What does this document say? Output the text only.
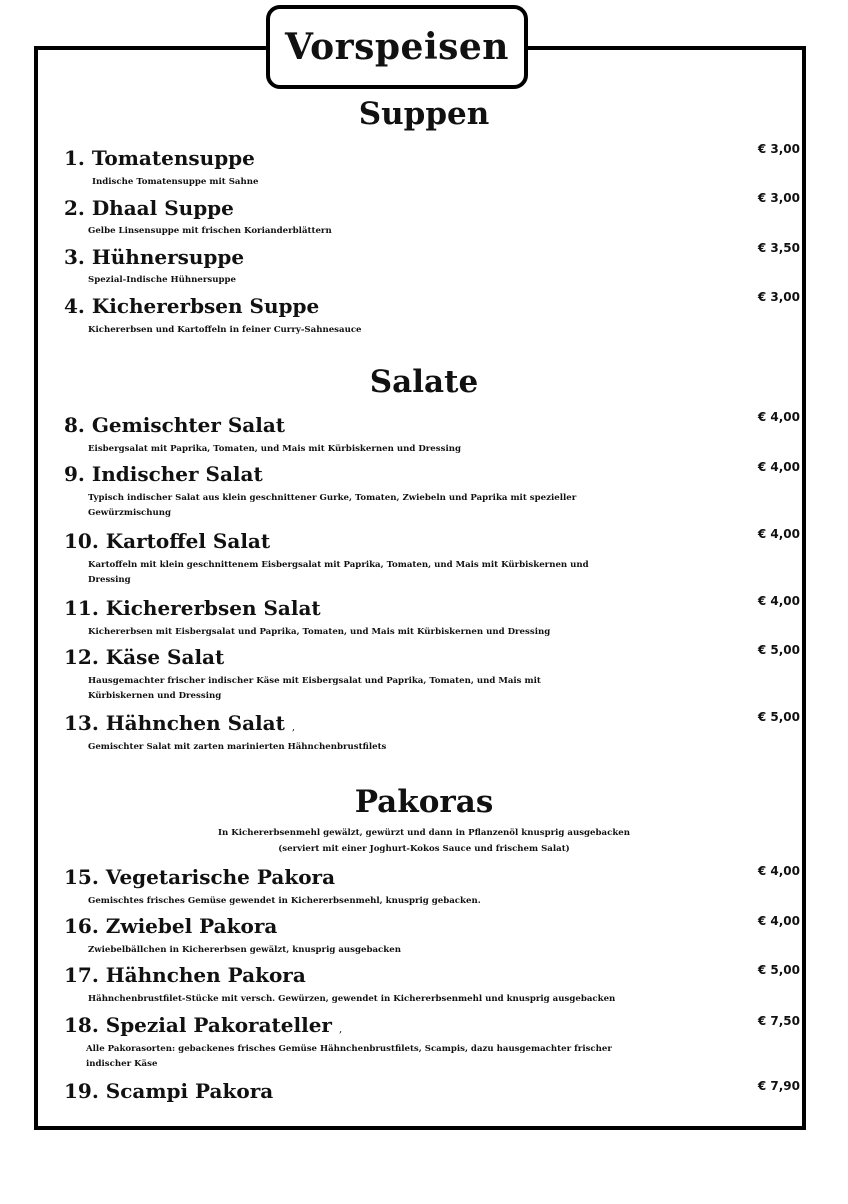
Vorspeisen
Suppen
1. Tomatensuppe
Indische Tomatensuppe mit Sahne
€ 3,00
2. Dhaal Suppe
Gelbe Linsensuppe mit frischen Korianderblättern
€ 3,00
3. Hühnersuppe
Spezial-Indische Hühnersuppe
€ 3,50
4. Kichererbsen Suppe
Kichererbsen und Kartoffeln in feiner Curry-Sahnesauce
€ 3,00
Salate
8. Gemischter Salat
Eisbergsalat mit Paprika, Tomaten, und Mais mit Kürbiskernen und Dressing
€ 4,00
9. Indischer Salat
Typisch indischer Salat aus klein geschnittener Gurke, Tomaten, Zwiebeln und Paprika mit spezieller Gewürzmischung
€ 4,00
10. Kartoffel Salat
Kartoffeln mit klein geschnittenem Eisbergsalat mit Paprika, Tomaten, und Mais mit Kürbiskernen und Dressing
€ 4,00
11. Kichererbsen Salat
Kichererbsen mit Eisbergsalat und Paprika, Tomaten, und Mais mit Kürbiskernen und Dressing
€ 4,00
12. Käse Salat
Hausgemachter frischer indischer Käse mit Eisbergsalat und Paprika, Tomaten, und Mais mit Kürbiskernen und Dressing
€ 5,00
13. Hähnchen Salat ,
Gemischter Salat mit zarten marinierten Hähnchenbrustfilets
€ 5,00
Pakoras
In Kichererbsenmehl gewälzt, gewürzt und dann in Pflanzenöl knusprig ausgebacken
(serviert mit einer Joghurt-Kokos Sauce und frischem Salat)
15. Vegetarische Pakora
Gemischtes frisches Gemüse gewendet in Kichererbsenmehl, knusprig gebacken.
€ 4,00
16. Zwiebel Pakora
Zwiebelbällchen in Kichererbsen gewälzt, knusprig ausgebacken
€ 4,00
17. Hähnchen Pakora
Hähnchenbrustfilet-Stücke mit versch. Gewürzen, gewendet in Kichererbsenmehl und knusprig ausgebacken
€ 5,00
18. Spezial Pakorateller ,
Alle Pakorasorten: gebackenes frisches Gemüse Hähnchenbrustfilets, Scampis, dazu hausgemachter frischer indischer Käse
€ 7,50
19. Scampi Pakora	€ 7,90
